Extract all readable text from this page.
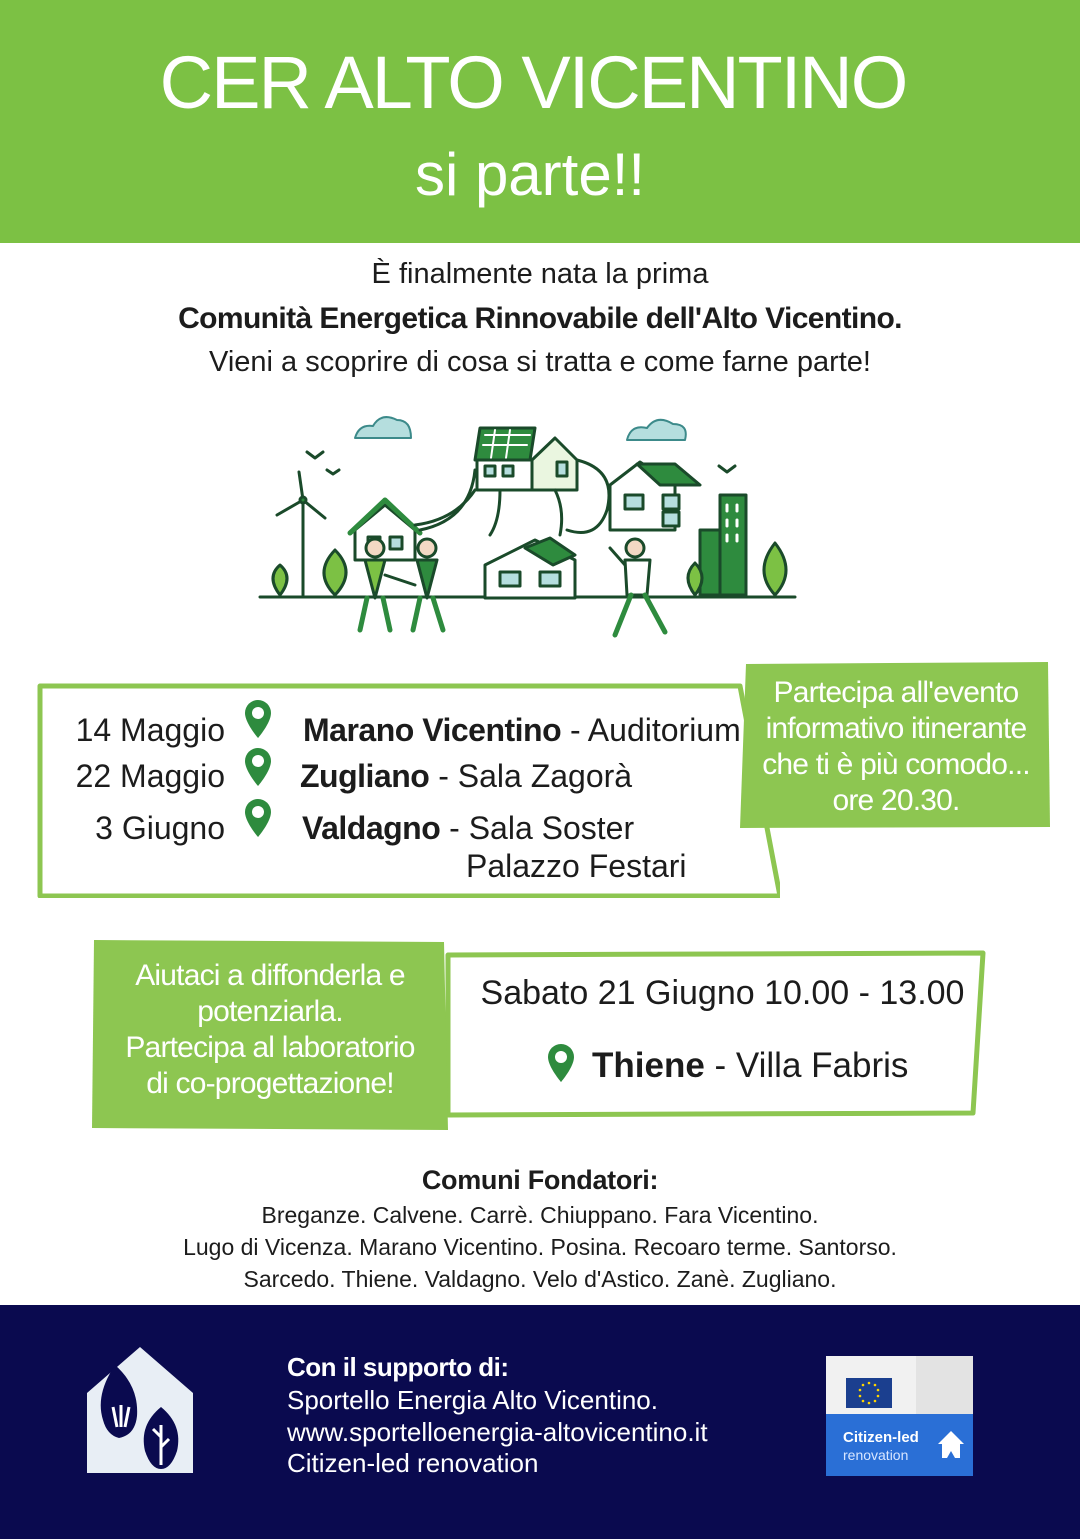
CER ALTO VICENTINO
si parte!!
È finalmente nata la prima
Comunità Energetica Rinnovabile dell'Alto Vicentino.
Vieni a scoprire di cosa si tratta e come farne parte!
14 Maggio Marano Vicentino - Auditorium
22 Maggio Zugliano - Sala Zagorà
3 Giugno Valdagno - Sala Soster
Palazzo Festari
Partecipa all'evento
informativo itinerante
che ti è più comodo...
ore 20.30.
Aiutaci a diffonderla e
potenziarla.
Partecipa al laboratorio
di co-progettazione!
Sabato 21 Giugno 10.00 - 13.00
Thiene - Villa Fabris
Comuni Fondatori:
Breganze. Calvene. Carrè. Chiuppano. Fara Vicentino.
Lugo di Vicenza. Marano Vicentino. Posina. Recoaro terme. Santorso.
Sarcedo. Thiene. Valdagno. Velo d'Astico. Zanè. Zugliano.
Con il supporto di:
Sportello Energia Alto Vicentino.
www.sportelloenergia-altovicentino.it
Citizen-led renovation
Citizen-led
renovation
